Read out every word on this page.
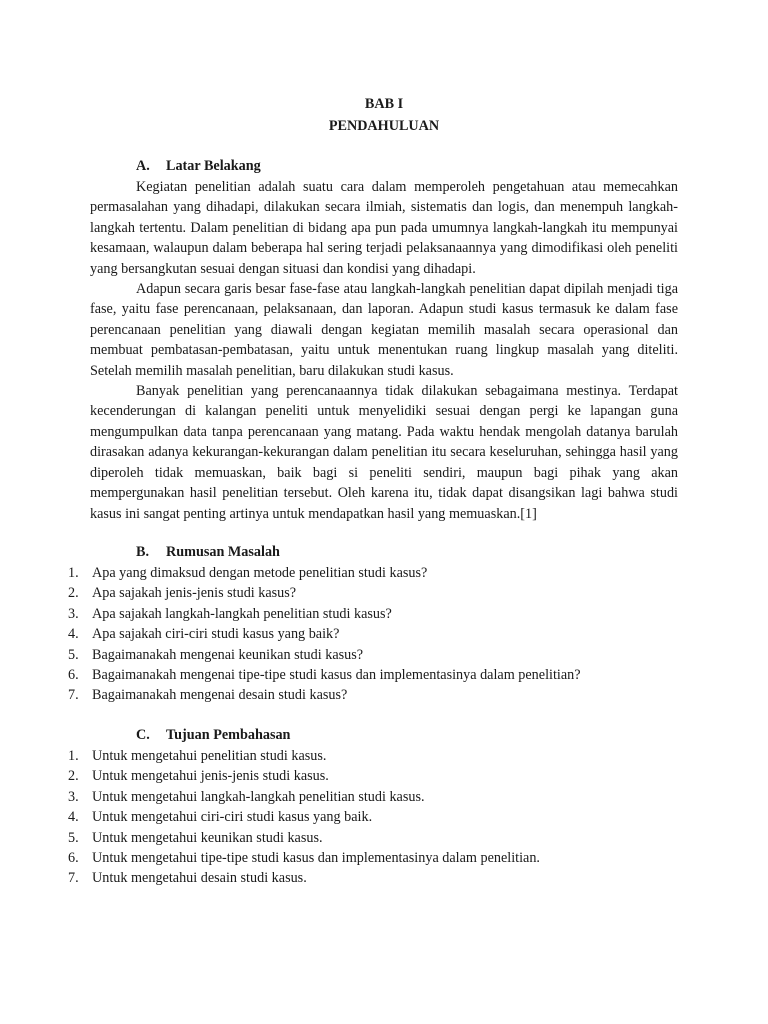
BAB I
PENDAHULUAN
A. Latar Belakang

Kegiatan penelitian adalah suatu cara dalam memperoleh pengetahuan atau memecahkan permasalahan yang dihadapi, dilakukan secara ilmiah, sistematis dan logis, dan menempuh langkah-langkah tertentu. Dalam penelitian di bidang apa pun pada umumnya langkah-langkah itu mempunyai kesamaan, walaupun dalam beberapa hal sering terjadi pelaksanaannya yang dimodifikasi oleh peneliti yang bersangkutan sesuai dengan situasi dan kondisi yang dihadapi.

Adapun secara garis besar fase-fase atau langkah-langkah penelitian dapat dipilah menjadi tiga fase, yaitu fase perencanaan, pelaksanaan, dan laporan. Adapun studi kasus termasuk ke dalam fase perencanaan penelitian yang diawali dengan kegiatan memilih masalah secara operasional dan membuat pembatasan-pembatasan, yaitu untuk menentukan ruang lingkup masalah yang diteliti. Setelah memilih masalah penelitian, baru dilakukan studi kasus.

Banyak penelitian yang perencanaannya tidak dilakukan sebagaimana mestinya. Terdapat kecenderungan di kalangan peneliti untuk menyelidiki sesuai dengan pergi ke lapangan guna mengumpulkan data tanpa perencanaan yang matang. Pada waktu hendak mengolah datanya barulah dirasakan adanya kekurangan-kekurangan dalam penelitian itu secara keseluruhan, sehingga hasil yang diperoleh tidak memuaskan, baik bagi si peneliti sendiri, maupun bagi pihak yang akan mempergunakan hasil penelitian tersebut. Oleh karena itu, tidak dapat disangsikan lagi bahwa studi kasus ini sangat penting artinya untuk mendapatkan hasil yang memuaskan.[1]

B. Rumusan Masalah
1. Apa yang dimaksud dengan metode penelitian studi kasus?
2. Apa sajakah jenis-jenis studi kasus?
3. Apa sajakah langkah-langkah penelitian studi kasus?
4. Apa sajakah ciri-ciri studi kasus yang baik?
5. Bagaimanakah mengenai keunikan studi kasus?
6. Bagaimanakah mengenai tipe-tipe studi kasus dan implementasinya dalam penelitian?
7. Bagaimanakah mengenai desain studi kasus?
C. Tujuan Pembahasan
1. Untuk mengetahui penelitian studi kasus.
2. Untuk mengetahui jenis-jenis studi kasus.
3. Untuk mengetahui langkah-langkah penelitian studi kasus.
4. Untuk mengetahui ciri-ciri studi kasus yang baik.
5. Untuk mengetahui keunikan studi kasus.
6. Untuk mengetahui tipe-tipe studi kasus dan implementasinya dalam penelitian.
7. Untuk mengetahui desain studi kasus.
